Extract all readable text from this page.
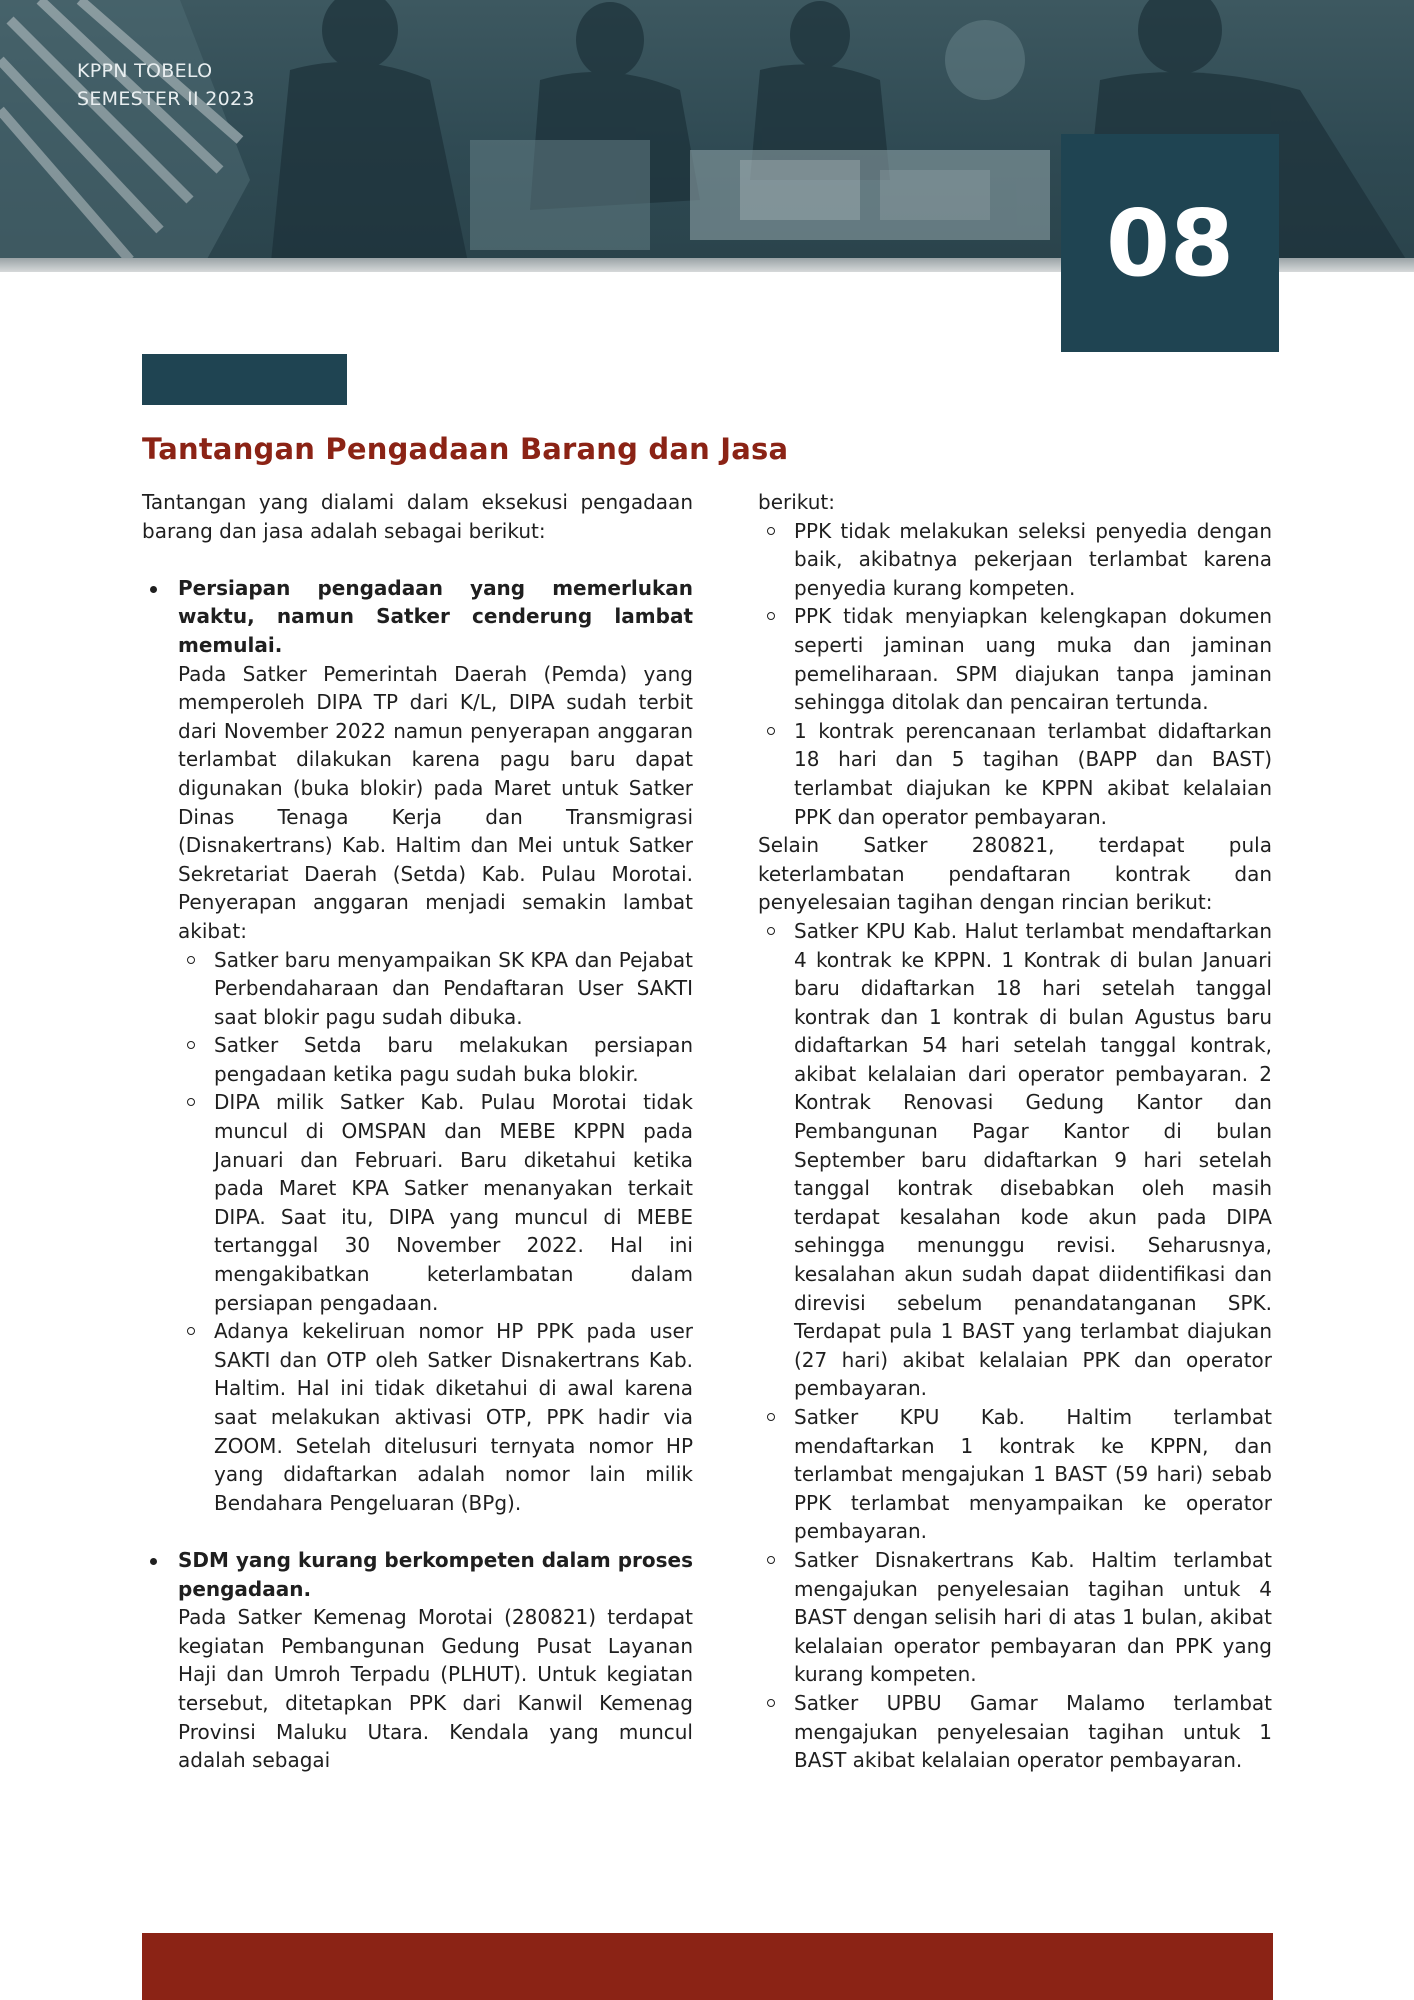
KPPN TOBELO
SEMESTER II 2023
08
Tantangan Pengadaan Barang dan Jasa

Tantangan yang dialami dalam eksekusi pengadaan barang dan jasa adalah sebagai berikut:

Persiapan pengadaan yang memerlukan waktu, namun Satker cenderung lambat memulai.

Pada Satker Pemerintah Daerah (Pemda) yang memperoleh DIPA TP dari K/L, DIPA sudah terbit dari November 2022 namun penyerapan anggaran terlambat dilakukan karena pagu baru dapat digunakan (buka blokir) pada Maret untuk Satker Dinas Tenaga Kerja dan Transmigrasi (Disnakertrans) Kab. Haltim dan Mei untuk Satker Sekretariat Daerah (Setda) Kab. Pulau Morotai. Penyerapan anggaran menjadi semakin lambat akibat:

Satker baru menyampaikan SK KPA dan Pejabat Perbendaharaan dan Pendaftaran User SAKTI saat blokir pagu sudah dibuka.

Satker Setda baru melakukan persiapan pengadaan ketika pagu sudah buka blokir.

DIPA milik Satker Kab. Pulau Morotai tidak muncul di OMSPAN dan MEBE KPPN pada Januari dan Februari. Baru diketahui ketika pada Maret KPA Satker menanyakan terkait DIPA. Saat itu, DIPA yang muncul di MEBE tertanggal 30 November 2022. Hal ini mengakibatkan keterlambatan dalam persiapan pengadaan.

Adanya kekeliruan nomor HP PPK pada user SAKTI dan OTP oleh Satker Disnakertrans Kab. Haltim. Hal ini tidak diketahui di awal karena saat melakukan aktivasi OTP, PPK hadir via ZOOM. Setelah ditelusuri ternyata nomor HP yang didaftarkan adalah nomor lain milik Bendahara Pengeluaran (BPg).

SDM yang kurang berkompeten dalam proses pengadaan.

Pada Satker Kemenag Morotai (280821) terdapat kegiatan Pembangunan Gedung Pusat Layanan Haji dan Umroh Terpadu (PLHUT). Untuk kegiatan tersebut, ditetapkan PPK dari Kanwil Kemenag Provinsi Maluku Utara. Kendala yang muncul adalah sebagai

berikut:

PPK tidak melakukan seleksi penyedia dengan baik, akibatnya pekerjaan terlambat karena penyedia kurang kompeten.

PPK tidak menyiapkan kelengkapan dokumen seperti jaminan uang muka dan jaminan pemeliharaan. SPM diajukan tanpa jaminan sehingga ditolak dan pencairan tertunda.

1 kontrak perencanaan terlambat didaftarkan 18 hari dan 5 tagihan (BAPP dan BAST) terlambat diajukan ke KPPN akibat kelalaian PPK dan operator pembayaran.

Selain Satker 280821, terdapat pula keterlambatan pendaftaran kontrak dan penyelesaian tagihan dengan rincian berikut:

Satker KPU Kab. Halut terlambat mendaftarkan 4 kontrak ke KPPN. 1 Kontrak di bulan Januari baru didaftarkan 18 hari setelah tanggal kontrak dan 1 kontrak di bulan Agustus baru didaftarkan 54 hari setelah tanggal kontrak, akibat kelalaian dari operator pembayaran. 2 Kontrak Renovasi Gedung Kantor dan Pembangunan Pagar Kantor di bulan September baru didaftarkan 9 hari setelah tanggal kontrak disebabkan oleh masih terdapat kesalahan kode akun pada DIPA sehingga menunggu revisi. Seharusnya, kesalahan akun sudah dapat diidentifikasi dan direvisi sebelum penandatanganan SPK. Terdapat pula 1 BAST yang terlambat diajukan (27 hari) akibat kelalaian PPK dan operator pembayaran.

Satker KPU Kab. Haltim terlambat mendaftarkan 1 kontrak ke KPPN, dan terlambat mengajukan 1 BAST (59 hari) sebab PPK terlambat menyampaikan ke operator pembayaran.

Satker Disnakertrans Kab. Haltim terlambat mengajukan penyelesaian tagihan untuk 4 BAST dengan selisih hari di atas 1 bulan, akibat kelalaian operator pembayaran dan PPK yang kurang kompeten.

Satker UPBU Gamar Malamo terlambat mengajukan penyelesaian tagihan untuk 1 BAST akibat kelalaian operator pembayaran.
